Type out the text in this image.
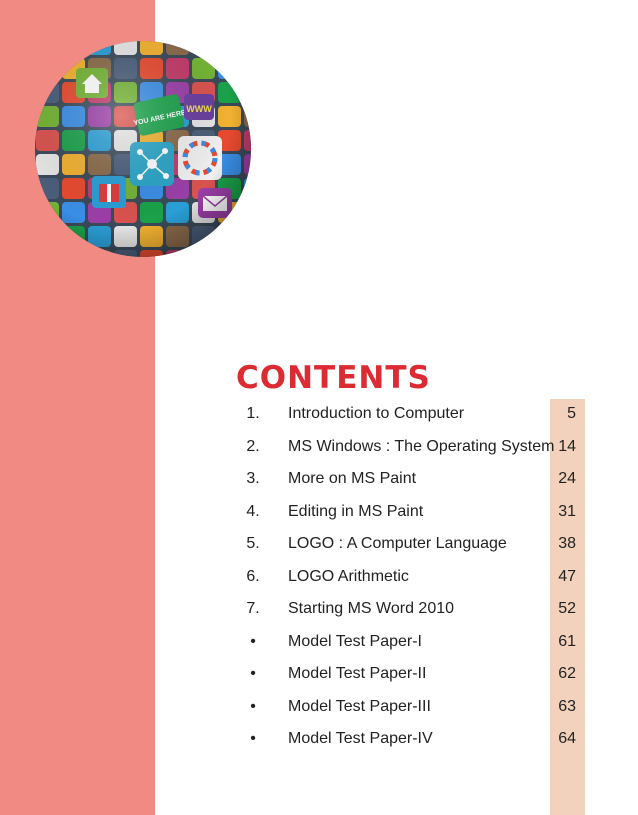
CONTENTS
1.	Introduction to Computer	5
2.	MS Windows : The Operating System 14
3.	More on MS Paint	24
4.	Editing in MS Paint	31
5.	LOGO : A Computer Language	38
6.	LOGO Arithmetic	47
7.	Starting MS Word 2010	52
•	Model Test Paper-I	61
•	Model Test Paper-II	62
•	Model Test Paper-III	63
•	Model Test Paper-IV	64
